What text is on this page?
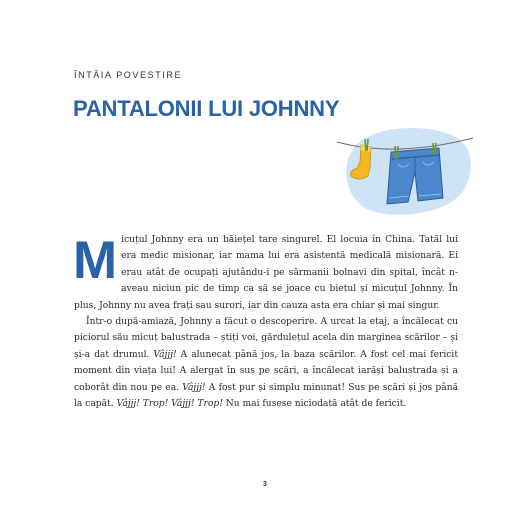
ÎNTÂIA POVESTIRE
PANTALONII LUI JOHNNY

Micuțul Johnny era un băiețel tare singurel. El locuia în China. Tatăl lui era medic misionar, iar mama lui era asistentă medicală misionară. Ei erau atât de ocupați ajutându-i pe sărmanii bolnavi din spital, încât n-aveau niciun pic de timp ca să se joace cu bietul și micuțul Johnny. În plus, Johnny nu avea frați sau surori, iar din cauza asta era chiar și mai singur.

Într-o după-amiază, Johnny a făcut o descoperire. A urcat la etaj, a încălecat cu piciorul său micuț balustrada – știți voi, gărdulețul acela din marginea scărilor – și și-a dat drumul. Vâjjj! A alunecat până jos, la baza scărilor. A fost cel mai fericit moment din viața lui! A alergat în sus pe scări, a încălecat iarăși balustrada și a coborât din nou pe ea. Vâjjj! A fost pur și simplu minunat! Sus pe scări și jos până la capăt. Vâjjj! Trop! Vâjjj! Trop! Nu mai fusese niciodată atât de fericit.

3
